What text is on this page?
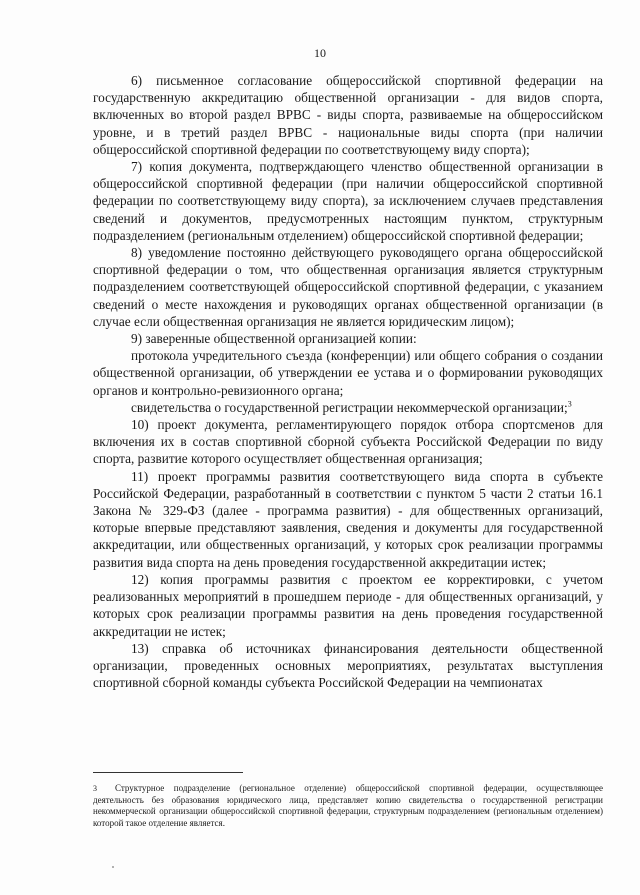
10

6) письменное согласование общероссийской спортивной федерации на государственную аккредитацию общественной организации - для видов спорта, включенных во второй раздел ВРВС - виды спорта, развиваемые на общероссийском уровне, и в третий раздел ВРВС - национальные виды спорта (при наличии общероссийской спортивной федерации по соответствующему виду спорта);

7) копия документа, подтверждающего членство общественной организации в общероссийской спортивной федерации (при наличии общероссийской спортивной федерации по соответствующему виду спорта), за исключением случаев представления сведений и документов, предусмотренных настоящим пунктом, структурным подразделением (региональным отделением) общероссийской спортивной федерации;

8) уведомление постоянно действующего руководящего органа общероссийской спортивной федерации о том, что общественная организация является структурным подразделением соответствующей общероссийской спортивной федерации, с указанием сведений о месте нахождения и руководящих органах общественной организации (в случае если общественная организация не является юридическим лицом);

9) заверенные общественной организацией копии:

протокола учредительного съезда (конференции) или общего собрания о создании общественной организации, об утверждении ее устава и о формировании руководящих органов и контрольно-ревизионного органа;

свидетельства о государственной регистрации некоммерческой организации;$^3$

10) проект документа, регламентирующего порядок отбора спортсменов для включения их в состав спортивной сборной субъекта Российской Федерации по виду спорта, развитие которого осуществляет общественная организация;

11) проект программы развития соответствующего вида спорта в субъекте Российской Федерации, разработанный в соответствии с пунктом 5 части 2 статьи 16.1 Закона № 329-ФЗ (далее - программа развития) - для общественных организаций, которые впервые представляют заявления, сведения и документы для государственной аккредитации, или общественных организаций, у которых срок реализации программы развития вида спорта на день проведения государственной аккредитации истек;

12) копия программы развития с проектом ее корректировки, с учетом реализованных мероприятий в прошедшем периоде - для общественных организаций, у которых срок реализации программы развития на день проведения государственной аккредитации не истек;

13) справка об источниках финансирования деятельности общественной организации, проведенных основных мероприятиях, результатах выступления спортивной сборной команды субъекта Российской Федерации на чемпионатах

3 Структурное подразделение (региональное отделение) общероссийской спортивной федерации, осуществляющее деятельность без образования юридического лица, представляет копию свидетельства о государственной регистрации некоммерческой организации общероссийской спортивной федерации, структурным подразделением (региональным отделением) которой такое отделение является.
